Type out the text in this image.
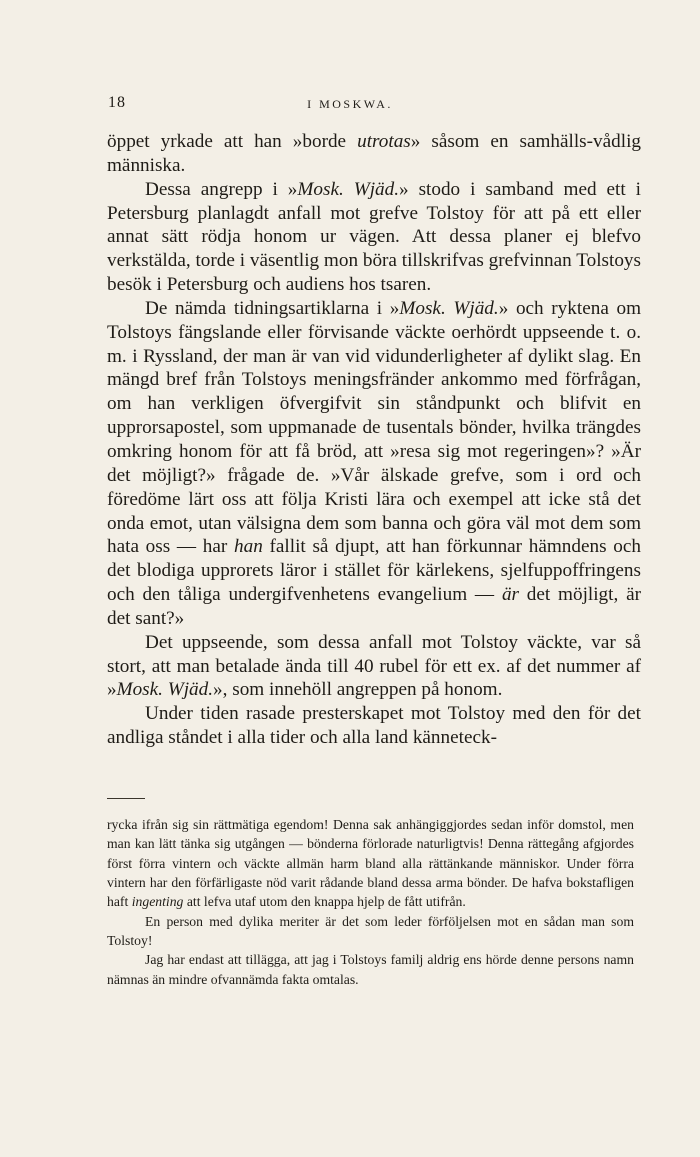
18	I MOSKWA.

öppet yrkade att han »borde utrotas» såsom en samhälls-vådlig människa.

Dessa angrepp i »Mosk. Wjäd.» stodo i samband med ett i Petersburg planlagdt anfall mot grefve Tolstoy för att på ett eller annat sätt rödja honom ur vägen. Att dessa planer ej blefvo verkstälda, torde i väsentlig mon böra tillskrifvas grefvinnan Tolstoys besök i Petersburg och audiens hos tsaren.

De nämda tidningsartiklarna i »Mosk. Wjäd.» och ryktena om Tolstoys fängslande eller förvisande väckte oerhördt uppseende t. o. m. i Ryssland, der man är van vid vidunderligheter af dylikt slag. En mängd bref från Tolstoys meningsfränder ankommo med förfrågan, om han verkligen öfvergifvit sin ståndpunkt och blifvit en upprorsapostel, som uppmanade de tusentals bönder, hvilka trängdes omkring honom för att få bröd, att »resa sig mot regeringen»? »Är det möjligt?» frågade de. »Vår älskade grefve, som i ord och föredöme lärt oss att följa Kristi lära och exempel att icke stå det onda emot, utan välsigna dem som banna och göra väl mot dem som hata oss — har han fallit så djupt, att han förkunnar hämndens och det blodiga upprorets läror i stället för kärlekens, sjelfuppoffringens och den tåliga undergifvenhetens evangelium — är det möjligt, är det sant?»

Det uppseende, som dessa anfall mot Tolstoy väckte, var så stort, att man betalade ända till 40 rubel för ett ex. af det nummer af »Mosk. Wjäd.», som innehöll angreppen på honom.

Under tiden rasade presterskapet mot Tolstoy med den för det andliga ståndet i alla tider och alla land känneteck-

rycka ifrån sig sin rättmätiga egendom! Denna sak anhängiggjordes sedan inför domstol, men man kan lätt tänka sig utgången — bönderna förlorade naturligtvis! Denna rättegång afgjordes först förra vintern och väckte allmän harm bland alla rättänkande människor. Under förra vintern har den förfärligaste nöd varit rådande bland dessa arma bönder. De hafva bokstafligen haft ingenting att lefva utaf utom den knappa hjelp de fått utifrån.

En person med dylika meriter är det som leder förföljelsen mot en sådan man som Tolstoy!

Jag har endast att tillägga, att jag i Tolstoys familj aldrig ens hörde denne persons namn nämnas än mindre ofvannämda fakta omtalas.
